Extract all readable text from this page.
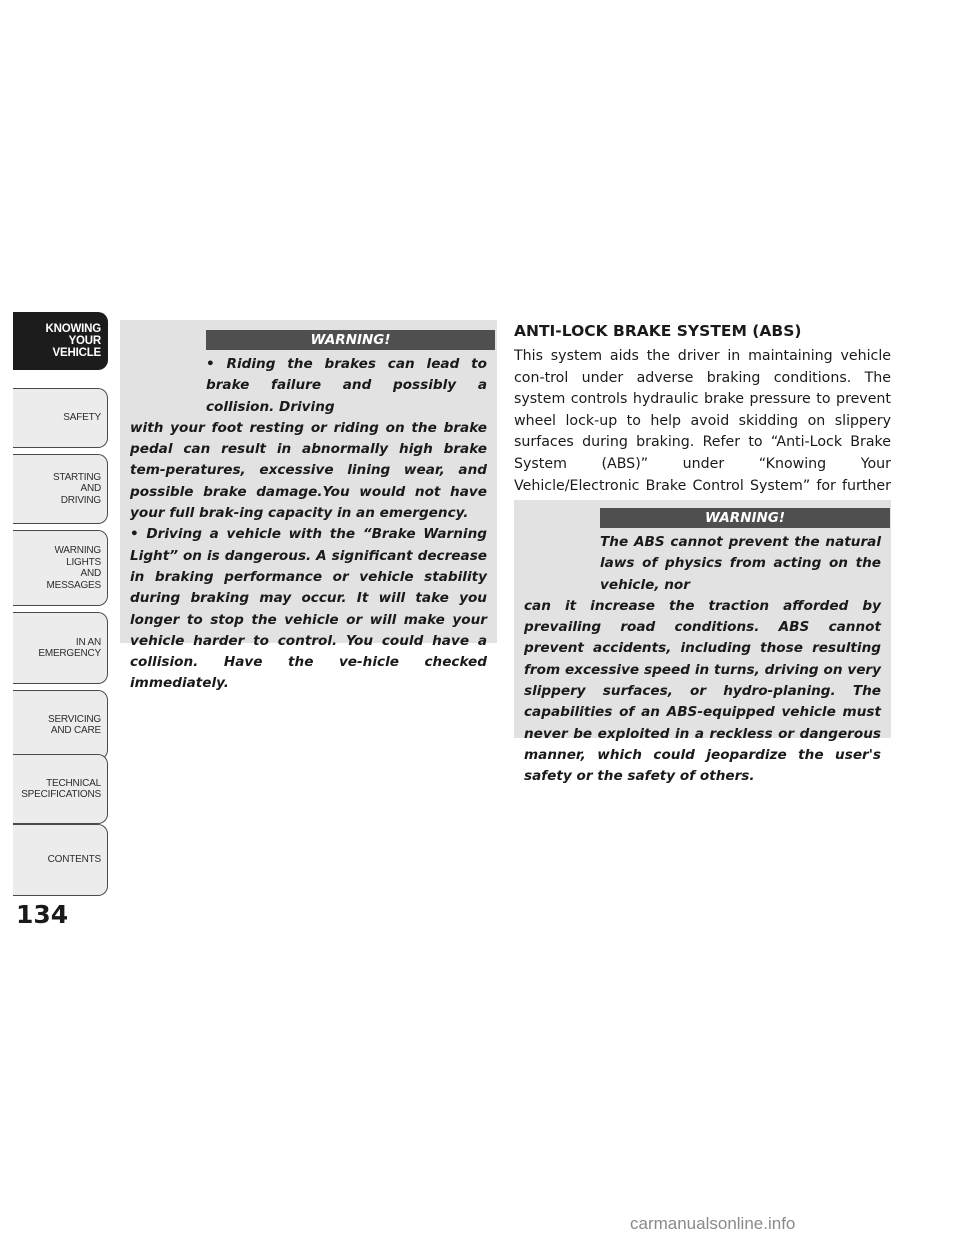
KNOWING
YOUR
VEHICLE
SAFETY
STARTING
AND
DRIVING
WARNING
LIGHTS
AND
MESSAGES
IN AN
EMERGENCY
SERVICING
AND CARE
TECHNICAL
SPECIFICATIONS
CONTENTS
134
WARNING!

• Riding the brakes can lead to brake failure and possibly a collision. Driving

with your foot resting or riding on the brake pedal can result in abnormally high brake tem-peratures, excessive lining wear, and possible brake damage.You would not have your full brak-ing capacity in an emergency.

• Driving a vehicle with the “Brake Warning Light” on is dangerous. A significant decrease in braking performance or vehicle stability during braking may occur. It will take you longer to stop the vehicle or will make your vehicle harder to control. You could have a collision. Have the ve-hicle checked immediately.

ANTI-LOCK BRAKE SYSTEM (ABS)

This system aids the driver in maintaining vehicle con-trol under adverse braking conditions. The system controls hydraulic brake pressure to prevent wheel lock-up to help avoid skidding on slippery surfaces during braking. Refer to “Anti-Lock Brake System (ABS)” under “Knowing Your Vehicle/Electronic Brake Control System” for further

WARNING!

The ABS cannot prevent the natural laws of physics from acting on the vehicle, nor

can it increase the traction afforded by prevailing road conditions. ABS cannot prevent accidents, including those resulting from excessive speed in turns, driving on very slippery surfaces, or hydro-planing. The capabilities of an ABS-equipped vehicle must never be exploited in a reckless or dangerous manner, which could jeopardize the user's safety or the safety of others.

carmanualsonline.info
